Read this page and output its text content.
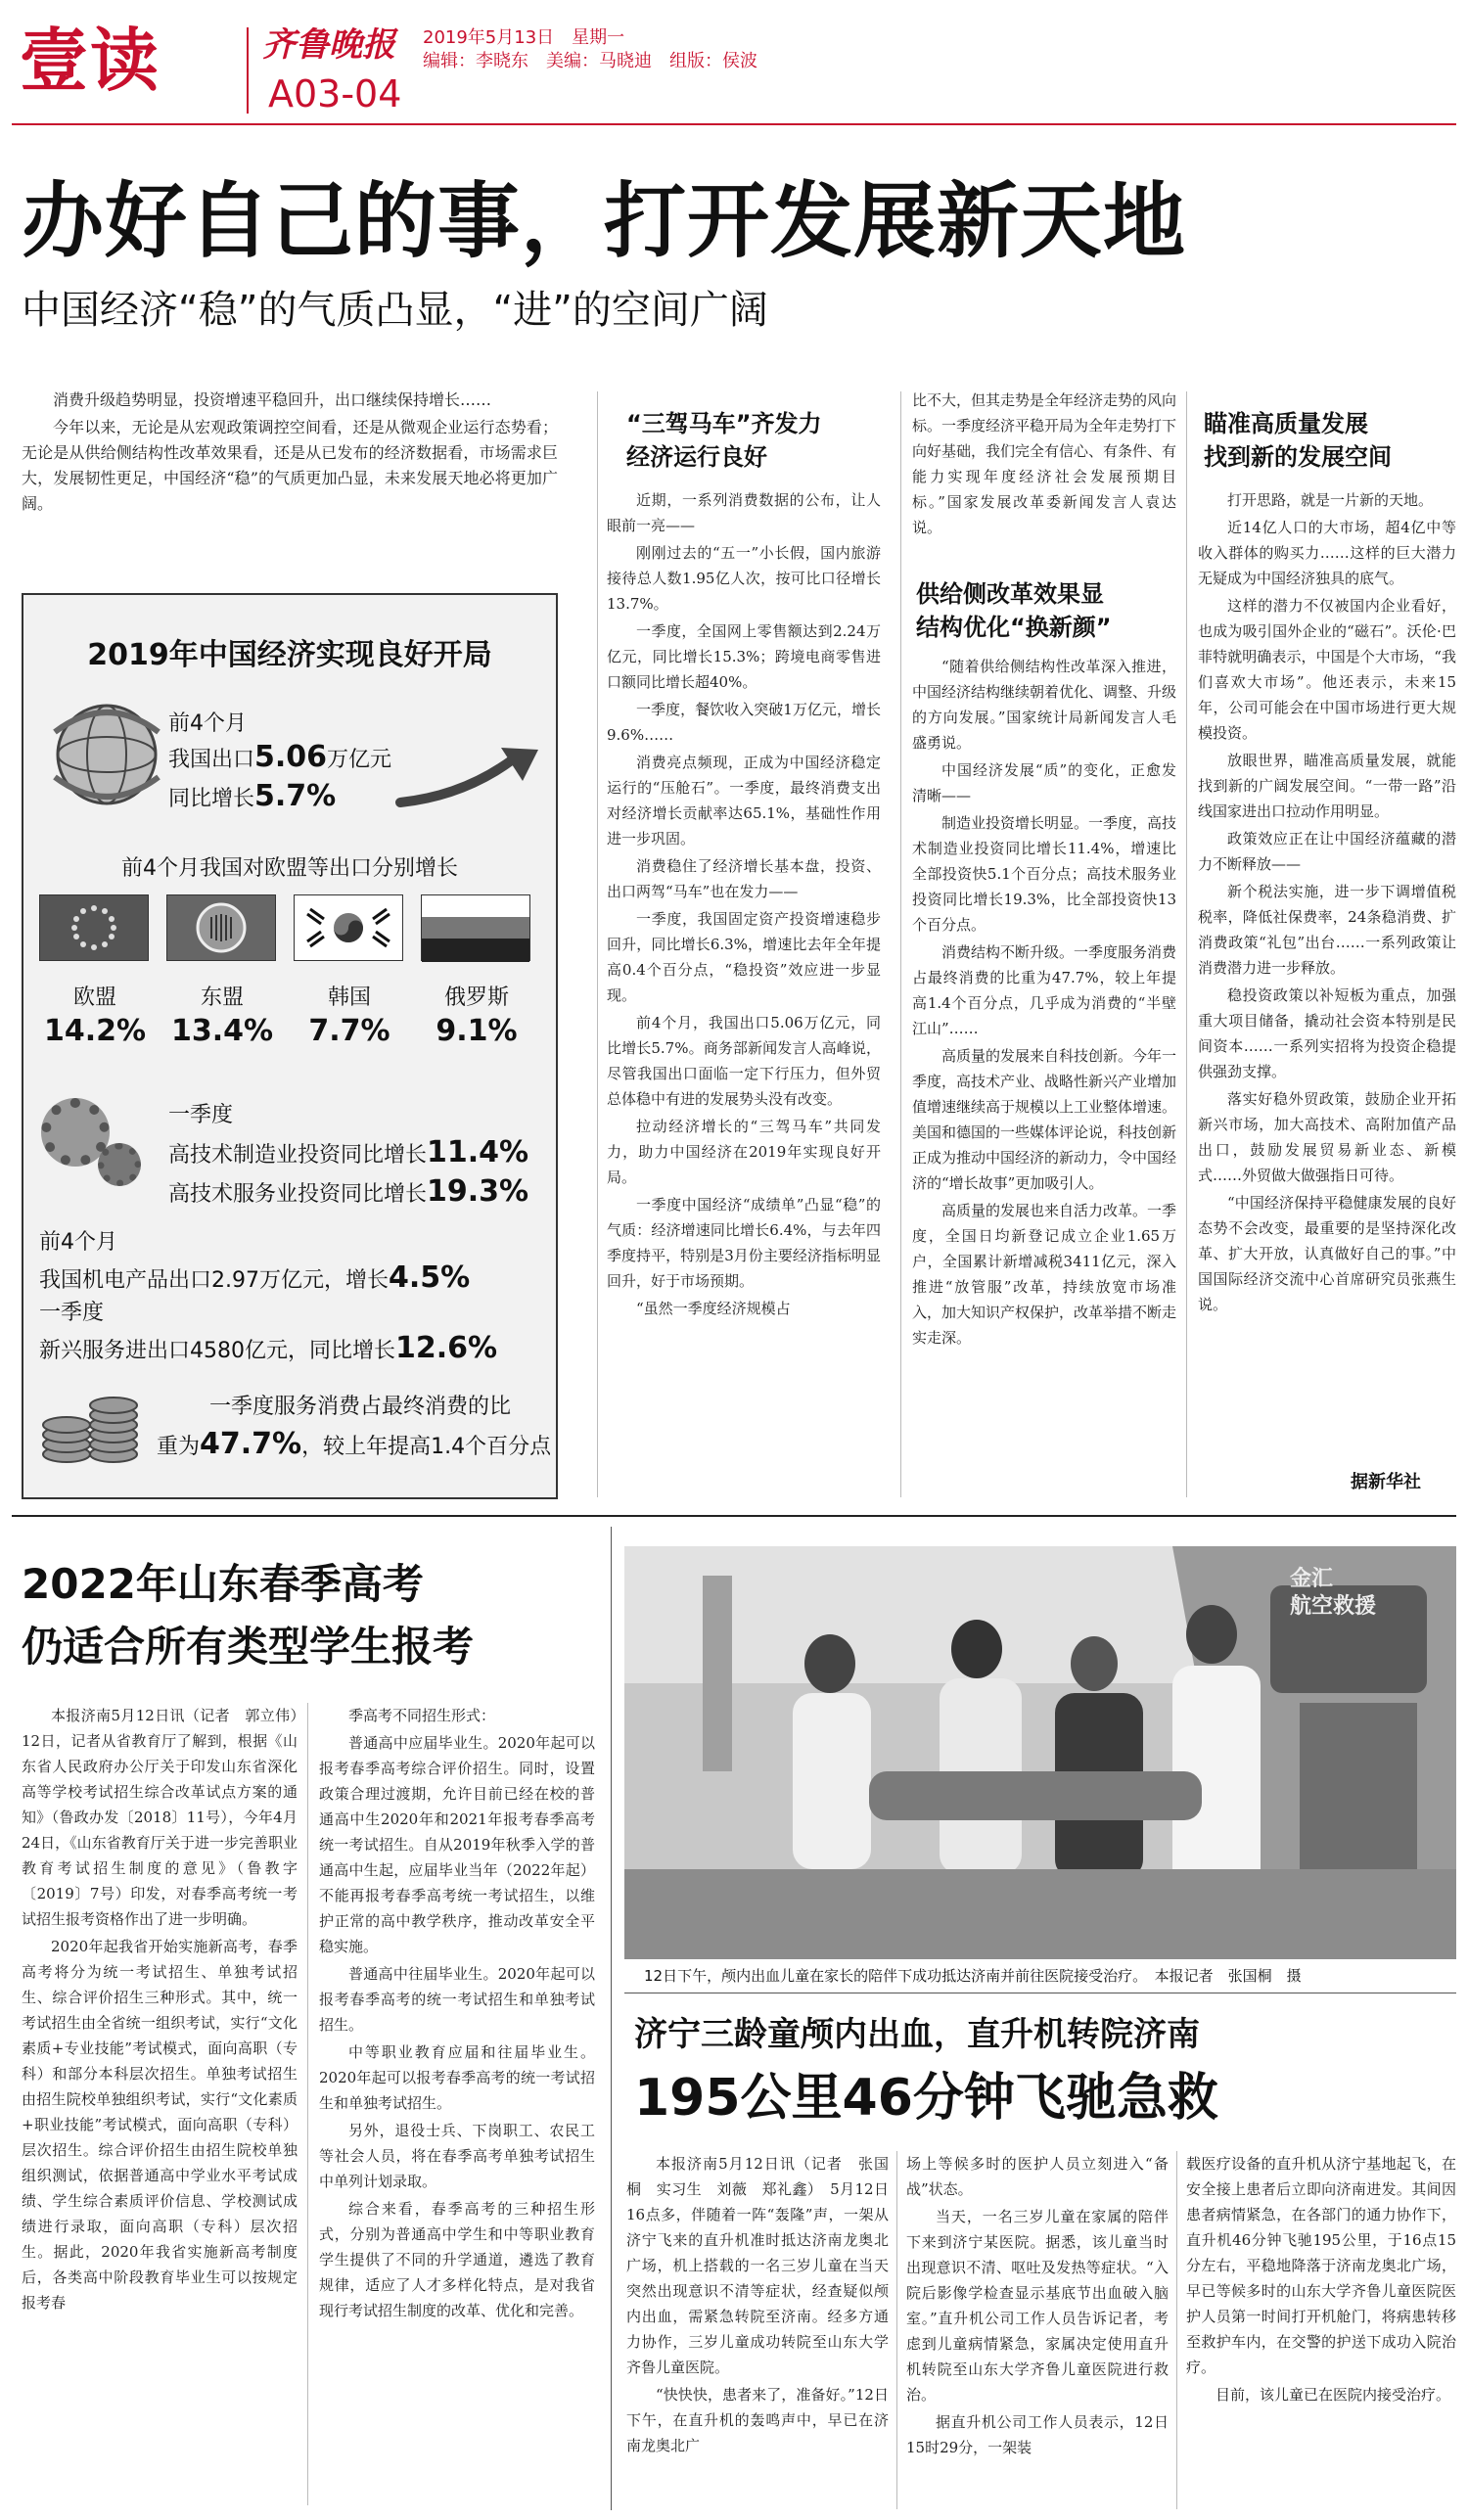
壹读	齐鲁晚报 2019年5月13日　星期一
编辑：李晓东　美编：马晓迪　组版：侯波
A03-04
办好自己的事，打开发展新天地
中国经济“稳”的气质凸显，“进”的空间广阔

消费升级趋势明显，投资增速平稳回升，出口继续保持增长……

今年以来，无论是从宏观政策调控空间看，还是从微观企业运行态势看；无论是从供给侧结构性改革效果看，还是从已发布的经济数据看，市场需求巨大，发展韧性更足，中国经济“稳”的气质更加凸显，未来发展天地必将更加广阔。

2019年中国经济实现良好开局
前4个月
我国出口5.06万亿元
同比增长5.7%
前4个月我国对欧盟等出口分别增长
欧盟	东盟	韩国	俄罗斯
14.2% 13.4%	7.7%	9.1%
一季度
高技术制造业投资同比增长11.4%
高技术服务业投资同比增长19.3%
前4个月
我国机电产品出口2.97万亿元，增长4.5%
一季度
新兴服务进出口4580亿元，同比增长12.6%
一季度服务消费占最终消费的比
重为47.7%，较上年提高1.4个百分点
“三驾马车”齐发力
经济运行良好

近期，一系列消费数据的公布，让人眼前一亮——

刚刚过去的“五一”小长假，国内旅游接待总人数1.95亿人次，按可比口径增长13.7%。

一季度，全国网上零售额达到2.24万亿元，同比增长15.3%；跨境电商零售进口额同比增长超40%。

一季度，餐饮收入突破1万亿元，增长9.6%……

消费亮点频现，正成为中国经济稳定运行的“压舱石”。一季度，最终消费支出对经济增长贡献率达65.1%，基础性作用进一步巩固。

消费稳住了经济增长基本盘，投资、出口两驾“马车”也在发力——

一季度，我国固定资产投资增速稳步回升，同比增长6.3%，增速比去年全年提高0.4个百分点，“稳投资”效应进一步显现。

前4个月，我国出口5.06万亿元，同比增长5.7%。商务部新闻发言人高峰说，尽管我国出口面临一定下行压力，但外贸总体稳中有进的发展势头没有改变。

拉动经济增长的“三驾马车”共同发力，助力中国经济在2019年实现良好开局。

一季度中国经济“成绩单”凸显“稳”的气质：经济增速同比增长6.4%，与去年四季度持平，特别是3月份主要经济指标明显回升，好于市场预期。

“虽然一季度经济规模占

比不大，但其走势是全年经济走势的风向标。一季度经济平稳开局为全年走势打下向好基础，我们完全有信心、有条件、有能力实现年度经济社会发展预期目标。”国家发展改革委新闻发言人袁达说。

供给侧改革效果显
结构优化“换新颜”

“随着供给侧结构性改革深入推进，中国经济结构继续朝着优化、调整、升级的方向发展。”国家统计局新闻发言人毛盛勇说。

中国经济发展“质”的变化，正愈发清晰——

制造业投资增长明显。一季度，高技术制造业投资同比增长11.4%，增速比全部投资快5.1个百分点；高技术服务业投资同比增长19.3%，比全部投资快13个百分点。

消费结构不断升级。一季度服务消费占最终消费的比重为47.7%，较上年提高1.4个百分点，几乎成为消费的“半壁江山”……

高质量的发展来自科技创新。今年一季度，高技术产业、战略性新兴产业增加值增速继续高于规模以上工业整体增速。美国和德国的一些媒体评论说，科技创新正成为推动中国经济的新动力，令中国经济的“增长故事”更加吸引人。

高质量的发展也来自活力改革。一季度，全国日均新登记成立企业1.65万户，全国累计新增减税3411亿元，深入推进“放管服”改革，持续放宽市场准入，加大知识产权保护，改革举措不断走实走深。

瞄准高质量发展
找到新的发展空间

打开思路，就是一片新的天地。

近14亿人口的大市场，超4亿中等收入群体的购买力……这样的巨大潜力无疑成为中国经济独具的底气。

这样的潜力不仅被国内企业看好，也成为吸引国外企业的“磁石”。沃伦·巴菲特就明确表示，中国是个大市场，“我们喜欢大市场”。他还表示，未来15年，公司可能会在中国市场进行更大规模投资。

放眼世界，瞄准高质量发展，就能找到新的广阔发展空间。“一带一路”沿线国家进出口拉动作用明显。

政策效应正在让中国经济蕴藏的潜力不断释放——

新个税法实施，进一步下调增值税税率，降低社保费率，24条稳消费、扩消费政策“礼包”出台……一系列政策让消费潜力进一步释放。

稳投资政策以补短板为重点，加强重大项目储备，撬动社会资本特别是民间资本……一系列实招将为投资企稳提供强劲支撑。

落实好稳外贸政策，鼓励企业开拓新兴市场，加大高技术、高附加值产品出口，鼓励发展贸易新业态、新模式……外贸做大做强指日可待。

“中国经济保持平稳健康发展的良好态势不会改变，最重要的是坚持深化改革、扩大开放，认真做好自己的事。”中国国际经济交流中心首席研究员张燕生说。

据新华社
2022年山东春季高考
仍适合所有类型学生报考

本报济南5月12日讯（记者　郭立伟）　12日，记者从省教育厅了解到，根据《山东省人民政府办公厅关于印发山东省深化高等学校考试招生综合改革试点方案的通知》（鲁政办发〔2018〕11号），今年4月24日，《山东省教育厅关于进一步完善职业教育考试招生制度的意见》（鲁教字〔2019〕7号）印发，对春季高考统一考试招生报考资格作出了进一步明确。

2020年起我省开始实施新高考，春季高考将分为统一考试招生、单独考试招生、综合评价招生三种形式。其中，统一考试招生由全省统一组织考试，实行“文化素质+专业技能”考试模式，面向高职（专科）和部分本科层次招生。单独考试招生由招生院校单独组织考试，实行“文化素质+职业技能”考试模式，面向高职（专科）层次招生。综合评价招生由招生院校单独组织测试，依据普通高中学业水平考试成绩、学生综合素质评价信息、学校测试成绩进行录取，面向高职（专科）层次招生。据此，2020年我省实施新高考制度后，各类高中阶段教育毕业生可以按规定报考春

季高考不同招生形式：

普通高中应届毕业生。2020年起可以报考春季高考综合评价招生。同时，设置政策合理过渡期，允许目前已经在校的普通高中生2020年和2021年报考春季高考统一考试招生。自从2019年秋季入学的普通高中生起，应届毕业当年（2022年起）不能再报考春季高考统一考试招生，以维护正常的高中教学秩序，推动改革安全平稳实施。

普通高中往届毕业生。2020年起可以报考春季高考的统一考试招生和单独考试招生。

中等职业教育应届和往届毕业生。2020年起可以报考春季高考的统一考试招生和单独考试招生。

另外，退役士兵、下岗职工、农民工等社会人员，将在春季高考单独考试招生中单列计划录取。

综合来看，春季高考的三种招生形式，分别为普通高中学生和中等职业教育学生提供了不同的升学通道，遴选了教育规律，适应了人才多样化特点，是对我省现行考试招生制度的改革、优化和完善。

金汇
航空救援
12日下午，颅内出血儿童在家长的陪伴下成功抵达济南并前往医院接受治疗。　本报记者　张国桐　摄
济宁三龄童颅内出血，直升机转院济南
195公里46分钟飞驰急救

本报济南5月12日讯（记者　张国桐　实习生　刘薇　郑礼鑫）　5月12日16点多，伴随着一阵“轰隆”声，一架从济宁飞来的直升机准时抵达济南龙奥北广场，机上搭载的一名三岁儿童在当天突然出现意识不清等症状，经查疑似颅内出血，需紧急转院至济南。经多方通力协作，三岁儿童成功转院至山东大学齐鲁儿童医院。

“快快快，患者来了，准备好。”12日下午，在直升机的轰鸣声中，早已在济南龙奥北广

场上等候多时的医护人员立刻进入“备战”状态。

当天，一名三岁儿童在家属的陪伴下来到济宁某医院。据悉，该儿童当时出现意识不清、呕吐及发热等症状。“入院后影像学检查显示基底节出血破入脑室。”直升机公司工作人员告诉记者，考虑到儿童病情紧急，家属决定使用直升机转院至山东大学齐鲁儿童医院进行救治。

据直升机公司工作人员表示，12日15时29分，一架装

载医疗设备的直升机从济宁基地起飞，在安全接上患者后立即向济南进发。其间因患者病情紧急，在各部门的通力协作下，直升机46分钟飞驰195公里，于16点15分左右，平稳地降落于济南龙奥北广场，早已等候多时的山东大学齐鲁儿童医院医护人员第一时间打开机舱门，将病患转移至救护车内，在交警的护送下成功入院治疗。

目前，该儿童已在医院内接受治疗。
